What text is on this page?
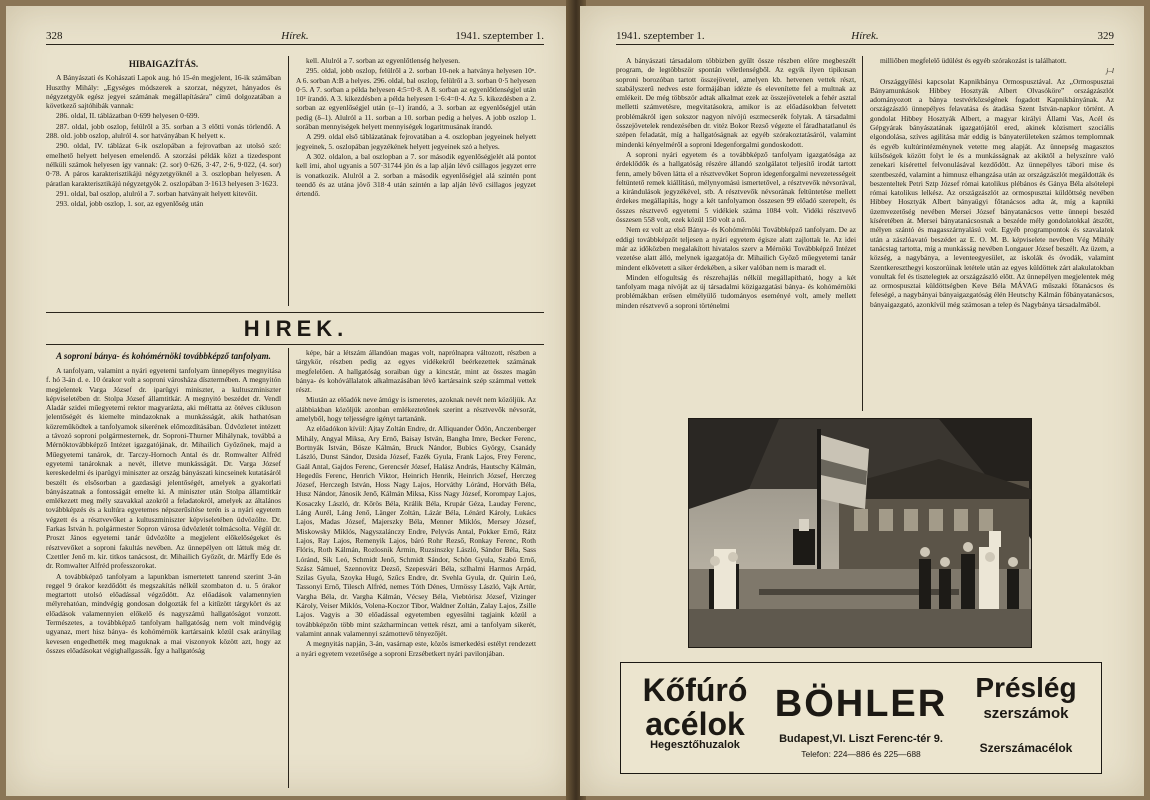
328	Hírek.	1941. szeptember 1.

HIBAIGAZÍTÁS.

A Bányászati és Kohászati Lapok aug. hó 15-én megjelent, 16-ik számában Huszthy Mihály: „Egységes módszerek a szorzat, négyzet, hányados és négyzetgyök egész jegyei számának megállapítására” című dolgozatában a következő sajtóhibák vannak:

286. oldal, II. táblázatban 0·699 helyesen 0·699.

287. oldal, jobb oszlop, felülről a 35. sorban a 3 előtti vonás törlendő. A 288. old. jobb oszlop, alulról 4. sor hatványában K helyett κ.

290. oldal, IV. táblázat 6-ik oszlopában a fejrovatban az utolsó szó: emelhető helyett helyesen emelendő. A szorzási példák közt a tizedespont nélküli számok helyesen így vannak: (2. sor) 0·626, 3·47, 2·6, 9·022, (4. sor) 0·78. A páros karakterisztikájú négyzetgyöknél a 3. oszlopban helyesen. A páratlan karakterisztikájú négyzetgyök 2. oszlopában 3·1613 helyesen 3·1623.

291. oldal, bal oszlop, alulról a 7. sorban hatványait helyett kitevőit.

293. oldal, jobb oszlop, 1. sor, az egyenlőség után

kell. Alulról a 7. sorban az egyenlőtlenség helyesen.

295. oldal, jobb oszlop, felülről a 2. sorban 10-nek a hatványa helyesen 10ⁿ. A 6. sorban A:B a helyes. 296. oldal, bal oszlop, felülről a 3. sorban 0·5 helyesen 0·5. A 7. sorban a példa helyesen 4:5=0·8. A 8. sorban az egyenlőtlenségjel után 10² írandó. A 3. kikezdésben a példa helyesen 1·6:4=0·4. Az 5. kikezdésben a 2. sorban az egyenlőségjel után (ε–1) írandó, a 3. sorban az egyenlőségjel után pedig (δ–1). Alulról a 11. sorban a 10. sorban pedig a helyes. A jobb oszlop 1. sorában mennyiségek helyett mennyiségek logaritmusának írandó.

A 299. oldal első táblázatának fejrovatában a 4. oszlopban jegyeinek helyett jegyeinek, 5. oszlopában jegyzékének helyett jegyeinek szó a helyes.

A 302. oldalon, a bal oszlopban a 7. sor második egyenlőségjelét alá pontot kell írni, ahol ugyanis a 507·31744 jön és a lap alján lévő csillagos jegyzet erre is vonatkozik. Alulról a 2. sorban a második egyenlőségjel alá szintén pont teendő és az utána jövő 318·4 után szintén a lap alján lévő csillagos jegyzet értendő.

HIREK.

A soproni bánya- és kohómérnöki továbbképző tanfolyam.

A tanfolyam, valamint a nyári egyetemi tanfolyam ünnepélyes megnyitása f. hó 3-án d. e. 10 órakor volt a soproni városháza dísztermében. A megnyitón megjelentek Varga József dr. iparügyi miniszter, a kultuszminiszter képviseletében dr. Stolpa József államtitkár. A megnyitó beszédet dr. Vendl Aladár szidei műegyetemi rektor magyarázta, aki méltatta az ötéves cikluson jelentőségét és kiemelte mindazoknak a munkásságát, akik hathatósan közreműködtek a tanfolyamok sikerének előmozdításában. Üdvözletet intézett a távozó soproni polgármesternek, dr. Soproni-Thurner Mihálynak, továbbá a Mérnöktovábbképző Intézet igazgatójának, dr. Mihailich Győzőnek, majd a Műegyetemi tanárok, dr. Tarczy-Hornoch Antal és dr. Romwalter Alfréd egyetemi tanároknak a nevét, illetve munkásságát. Dr. Varga József kereskedelmi és iparügyi miniszter az ország bányászati kincseinek kutatásáról beszélt és elsősorban a gazdasági jelentőségét, amelyek a gyakorlati bányászatnak a fontosságát emelte ki. A miniszter után Stolpa államtitkár emlékezett meg mély szavakkal azokról a feladatokról, amelyek az általános továbbképzés és a kultúra egyetemes népszerűsítése terén is a nyári egyetem végzett és a résztvevőket a kultuszminiszter képviseletében üdvözölte. Dr. Farkas István h. polgármester Sopron városa üdvözletét tolmácsolta. Végül dr. Proszt János egyetemi tanár üdvözölte a megjelent előkelőségeket és résztvevőket a soproni fakultás nevében. Az ünnepélyen ott láttuk még dr. Czettler Jenő m. kir. titkos tanácsost, dr. Mihailich Győzőt, dr. Márffy Ede és dr. Romwalter Alfréd professzorokat.

A továbbképző tanfolyam a lapunkban ismertetett tanrend szerint 3-án reggel 9 órakor kezdődött és megszakítás nélkül szombaton d. u. 5 órakor megtartott utolsó előadással végződött. Az előadások valamennyien mélyrehatóan, mindvégig gondosan dolgozták fel a kitűzött tárgykört és az előadások valamennyien előkelő és nagyszámú hallgatóságot vonzott. Természetes, a továbbképző tanfolyam hallgatóság nem volt mindvégig ugyanaz, mert hisz bánya- és kohómérnök kartársaink közül csak arányilag kevesen engedhették meg maguknak a mai viszonyok között azt, hogy az összes előadásokat végighallgassák. Így a hallgatóság

képe, bár a létszám állandóan magas volt, naprólnapra változott, részben a tárgykör, részben pedig az egyes vidékekről beérkezettek számának megfelelően. A hallgatóság soraiban úgy a kincstár, mint az összes magán bánya- és kohóvállalatok alkalmazásában lévő kartársaink szép számmal vettek részt.

Miután az előadók neve ámúgy is ismeretes, azoknak nevét nem közöljük. Az alábbiakban közöljük azonban emlékeztetőnek szerint a résztvevők névsorát, amelyből, hogy teljességre igényt tartanánk.

Az előadókon kívül: Ajtay Zoltán Endre, dr. Alliquander Ödön, Anczenberger Mihály, Angyal Miksa, Ary Ernő, Baisay István, Bangha Imre, Becker Ferenc, Bortnyák István, Bösze Kálmán, Bruck Nándor, Bubics György, Csanády László, Dunst Sándor, Dzsida József, Fazék Gyula, Frank Lajos, Frey Ferenc, Gaál Antal, Gajdos Ferenc, Gerencsér József, Halász András, Hautschy Kálmán, Hegedűs Ferenc, Henrich Viktor, Heinrich Henrik, Heinrich József, Herczeg József, Herczegh István, Hoss Nagy Lajos, Horváthy Lóránd, Horváth Béla, Husz Nándor, Jánosik Jenő, Kálmán Miksa, Kiss Nagy József, Korompay Lajos, Kosaczky László, dr. Kőrös Béla, Králik Béla, Krupár Géza, Lauday Ferenc, Láng Aurél, Láng Jenő, Länger Zoltán, Lázár Béla, Lénárd Károly, Lukács Lajos, Madas József, Majerszky Béla, Menner Miklós, Mersey József, Miskowsky Miklós, Nagyszalánczy Endre, Pelyvás Antal, Pokker Ernő, Rátz Lajos, Ray Lajos, Remenyik Lajos, báró Rohr Rezső, Ronkay Ferenc, Roth Flóris, Roth Kálmán, Rozlosnik Ármin, Ruzsinszky László, Sándor Béla, Sass Lóránd, Sik Leó, Schmidt Jenő, Schmidt Sándor, Schön Gyula, Szabó Ernő, Szász Sámuel, Szennovitz Dezső, Szepesvári Béla, szlhalmi Harmos Arpád, Szilas Gyula, Szoyka Hugó, Szűcs Endre, dr. Svehla Gyula, dr. Quirin Leó, Tassonyi Ernő, Tilesch Alfréd, nemes Tóth Dénes, Urmössy László, Vajk Artúr, Vargha Béla, dr. Vargha Kálmán, Vécsey Béla, Viebtórisz József, Vizinger Károly, Veiser Miklós, Volena-Koczor Tibor, Waldner Zoltán, Zalay Lajos, Zsille Lajos. Vagyis a 30 előadással egyetemben egyesülni tagjaink közül a továbbképzőn több mint százharmincan vettek részt, ami a tanfolyam sikerét, valamint annak valamennyi számottevő tényezőjét.

A megnyitás napján, 3-án, vasárnap este, közös ismerkedési estélyt rendezett a nyári egyetem vezetősége a soproni Erzsébetkert nyári pavilonjában.

1941. szeptember 1.	Hírek.	329

A bányászati társadalom többizben gyűlt össze részben előre megbeszélt program, de legtöbbször spontán véletlenségből. Az egyik ilyen tipikusan soproni borozóban tartott összejövetel, amelyen kb. hetvenen vettek részt, szabályszerű nedves este formájában idézte és elevenítette fel a multnak az emlékeit. De még többször adtak alkalmat ezek az összejövetelek a fehér asztal melletti számvetésre, megvitatásokra, amikor is az előadásokban felvetett problémákról igen sokszor nagyon nívójú eszmecserék folytak. A társadalmi összejövetelek rendezésében dr. vitéz Bokor Rezső végezte el fáradhatatlanul és szépen feladatát, míg a hallgatóságnak az egyéb szórakoztatásáról, valamint mindenki kényelméről a soproni Idegenforgalmi gondoskodott.

A soproni nyári egyetem és a továbbképző tanfolyam igazgatósága az érdeklődők és a hallgatóság részére állandó szolgálatot teljesítő irodát tartott fenn, amely bőven látta el a résztvevőket Sopron idegenforgalmi nevezetességeit feltüntető remek kiállítású, mélynyomású ismertetővel, a résztvevők névsorával, a kirándulások jegyzékével, stb. A résztvevők névsorának feltüntetése mellett érdekes megállapítás, hogy a két tanfolyamon összesen 99 előadó szerepelt, és összes résztvevő egyetemi 5 vidékiek száma 1084 volt. Vidéki résztvevő összesen 558 volt, ezek közül 150 volt a nő.

Nem ez volt az első Bánya- és Kohómérnöki Továbbképző tanfolyam. De az eddigi továbbképzőt teljesen a nyári egyetem égisze alatt zajlottak le. Az idei már az időközben megalakított hivatalos szerv a Mérnöki Továbbképző Intézet vezetése alatt álló, melynek igazgatója dr. Mihailich Győző műegyetemi tanár mindent elkövetett a siker érdekében, a siker valóban nem is maradt el.

Minden elfogultság és részrehajlás nélkül megállapítható, hogy a két tanfolyam maga nívóját az új társadalmi közigazgatási bánya- és kohómérnöki problémákban erősen elmélyülő tudományos eseményé volt, amely mellett minden résztvevő a soproni történelmi

milliőben megfelelő üdülést és egyéb szórakozást is találhatott.

j–l

Országgyűlési kapcsolat Kapnikbánya Ormospusztával. Az „Ormospusztai Bányamunkások Hibbey Hosztyák Albert Olvasóköre” országzászlót adományozott a bánya testvérközségének fogadott Kapnikbányának. Az országzászló ünnepélyes felavatása és átadása Szent István-napkor történt. A gondolat Hibbey Hosztyák Albert, a magyar királyi Állami Vas, Acél és Gépgyárak bányászatának igazgatójától ered, akinek közismert szociális elgondolása, szíves agilitása már eddig is bányaterületeken számos templomnak és egyéb kultúrintézménynek vetette meg alapját. Az ünnepség magasztos külsőségek között folyt le és a munkásságnak az akiktől a helyszínre való zenekari kísérettel felvonulásával kezdődött. Az ünnepélyes tábori mise és szentbeszéd, valamint a himnusz elhangzása után az országzászlót megáldották és beszenteltek Petri Sztp József római katolikus plébános és Gánya Béla alsótelepi római katolikus lelkész. Az országzászlót az ormospusztai küldöttség nevében Hibbey Hosztyák Albert bányaügyi főtanácsos adta át, míg a kapniki üzemvezetőség nevében Mersei József bányatanácsos vette ünnepi beszéd kíséretében át. Mersei bányatanácsosnak a beszéde mély gondolatokkal átszőtt, mélyen szántó és magasszárnyalású volt. Egyéb programpontok és szavalatok után a zászlóavató beszédet az E. O. M. B. képviselete nevében Vég Mihály tanácstag tartotta, míg a munkásság nevében Longauer József beszélt. Az üzem, a község, a nagybánya, a leventeegyesület, az iskolák és óvodák, valamint Szentkereszthegyi koszorúinak letétele után az egyes küldöttek zárt alakulatokban vonultak fel és tisztelegtek az országzászló előtt. Az ünnepélyen megjelentek még az ormospusztai küldöttségben Keve Béla MÁVAG műszaki főtanácsos és feleségé, a nagybányai bányaigazgatóság élén Heutschy Kálmán főbányatanácsos, bányaigazgató, azonkívül még számosan a telep és Nagybánya társadalmából.

Kőfúró
acélok
Hegesztőhuzalok
BÖHLER
Budapest,VI. Liszt Ferenc-tér 9.
Telefon: 224—886 és 225—688
Préslég
szerszámok
Szerszámacélok
